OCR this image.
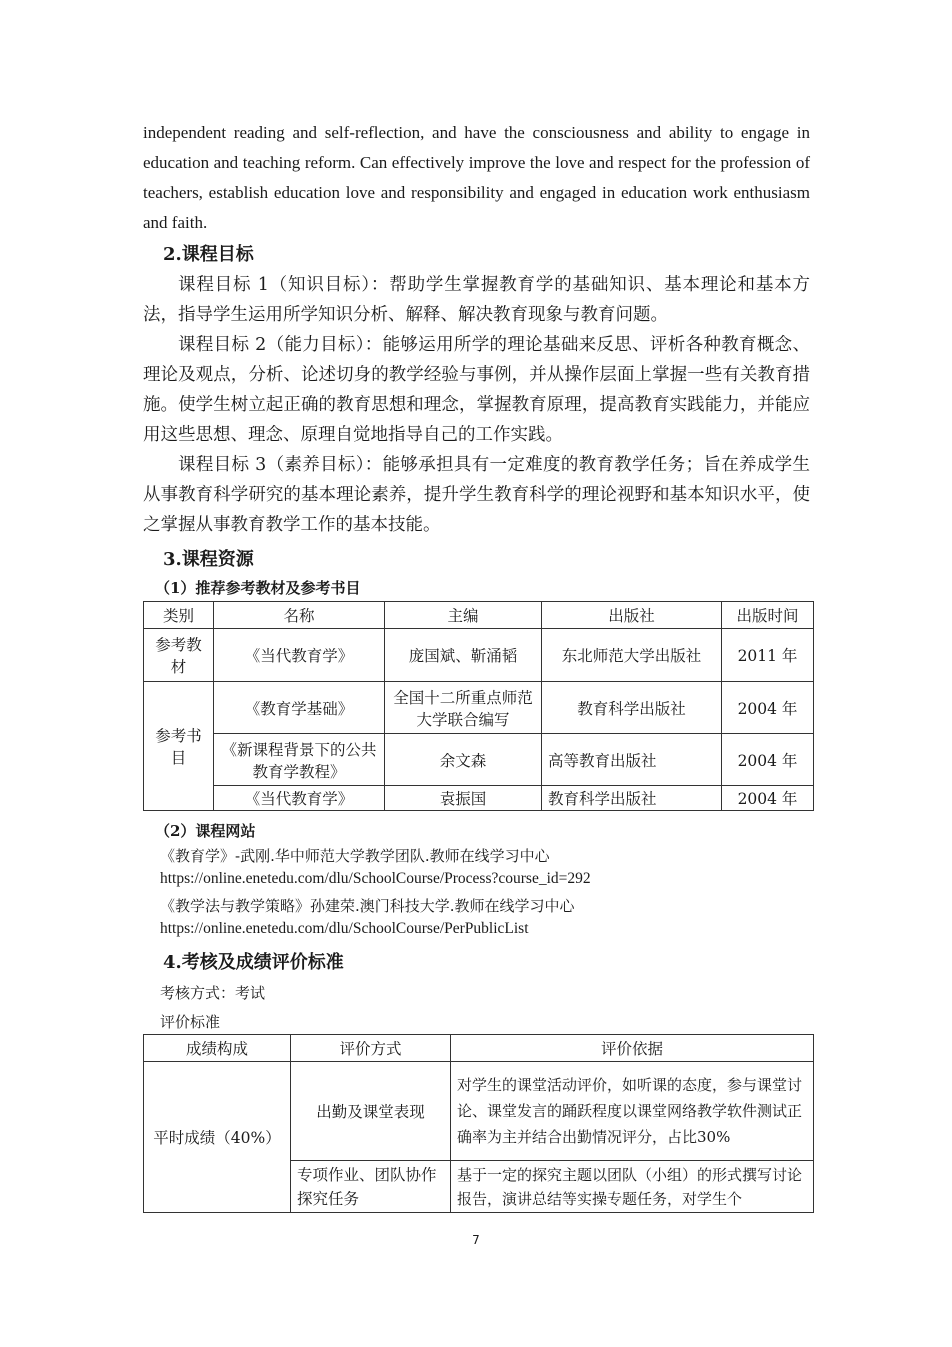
independent reading and self-reflection, and have the consciousness and ability to engage in education and teaching reform. Can effectively improve the love and respect for the profession of teachers, establish education love and responsibility and engaged in education work enthusiasm and faith.
2.课程目标

课程目标 1（知识目标）：帮助学生掌握教育学的基础知识、基本理论和基本方法，指导学生运用所学知识分析、解释、解决教育现象与教育问题。

课程目标 2（能力目标）：能够运用所学的理论基础来反思、评析各种教育概念、理论及观点，分析、论述切身的教学经验与事例，并从操作层面上掌握一些有关教育措施。使学生树立起正确的教育思想和理念，掌握教育原理，提高教育实践能力，并能应用这些思想、理念、原理自觉地指导自己的工作实践。

课程目标 3（素养目标）：能够承担具有一定难度的教育教学任务；旨在养成学生从事教育科学研究的基本理论素养，提升学生教育科学的理论视野和基本知识水平，使之掌握从事教育教学工作的基本技能。

3.课程资源
（1）推荐参考教材及参考书目
类别	名称	主编	出版社	出版时间
参考教材	《当代教育学》	庞国斌、靳涌韬	东北师范大学出版社	2011 年
参考书目	《教育学基础》	全国十二所重点师范大学联合编写	教育科学出版社	2004 年
	《新课程背景下的公共教育学教程》	余文森	高等教育出版社	2004 年
	《当代教育学》	袁振国	教育科学出版社	2004 年
（2）课程网站
《教育学》-武刚.华中师范大学教学团队.教师在线学习中心
https://online.enetedu.com/dlu/SchoolCourse/Process?course_id=292
《教学法与教学策略》孙建荣.澳门科技大学.教师在线学习中心
https://online.enetedu.com/dlu/SchoolCourse/PerPublicList
4.考核及成绩评价标准
考核方式：考试
评价标准
成绩构成	评价方式	评价依据
平时成绩（40%）	出勤及课堂表现	对学生的课堂活动评价，如听课的态度，参与课堂讨论、课堂发言的踊跃程度以课堂网络教学软件测试正确率为主并结合出勤情况评分，占比30%
	专项作业、团队协作探究任务	基于一定的探究主题以团队（小组）的形式撰写讨论报告，演讲总结等实操专题任务，对学生个
7
